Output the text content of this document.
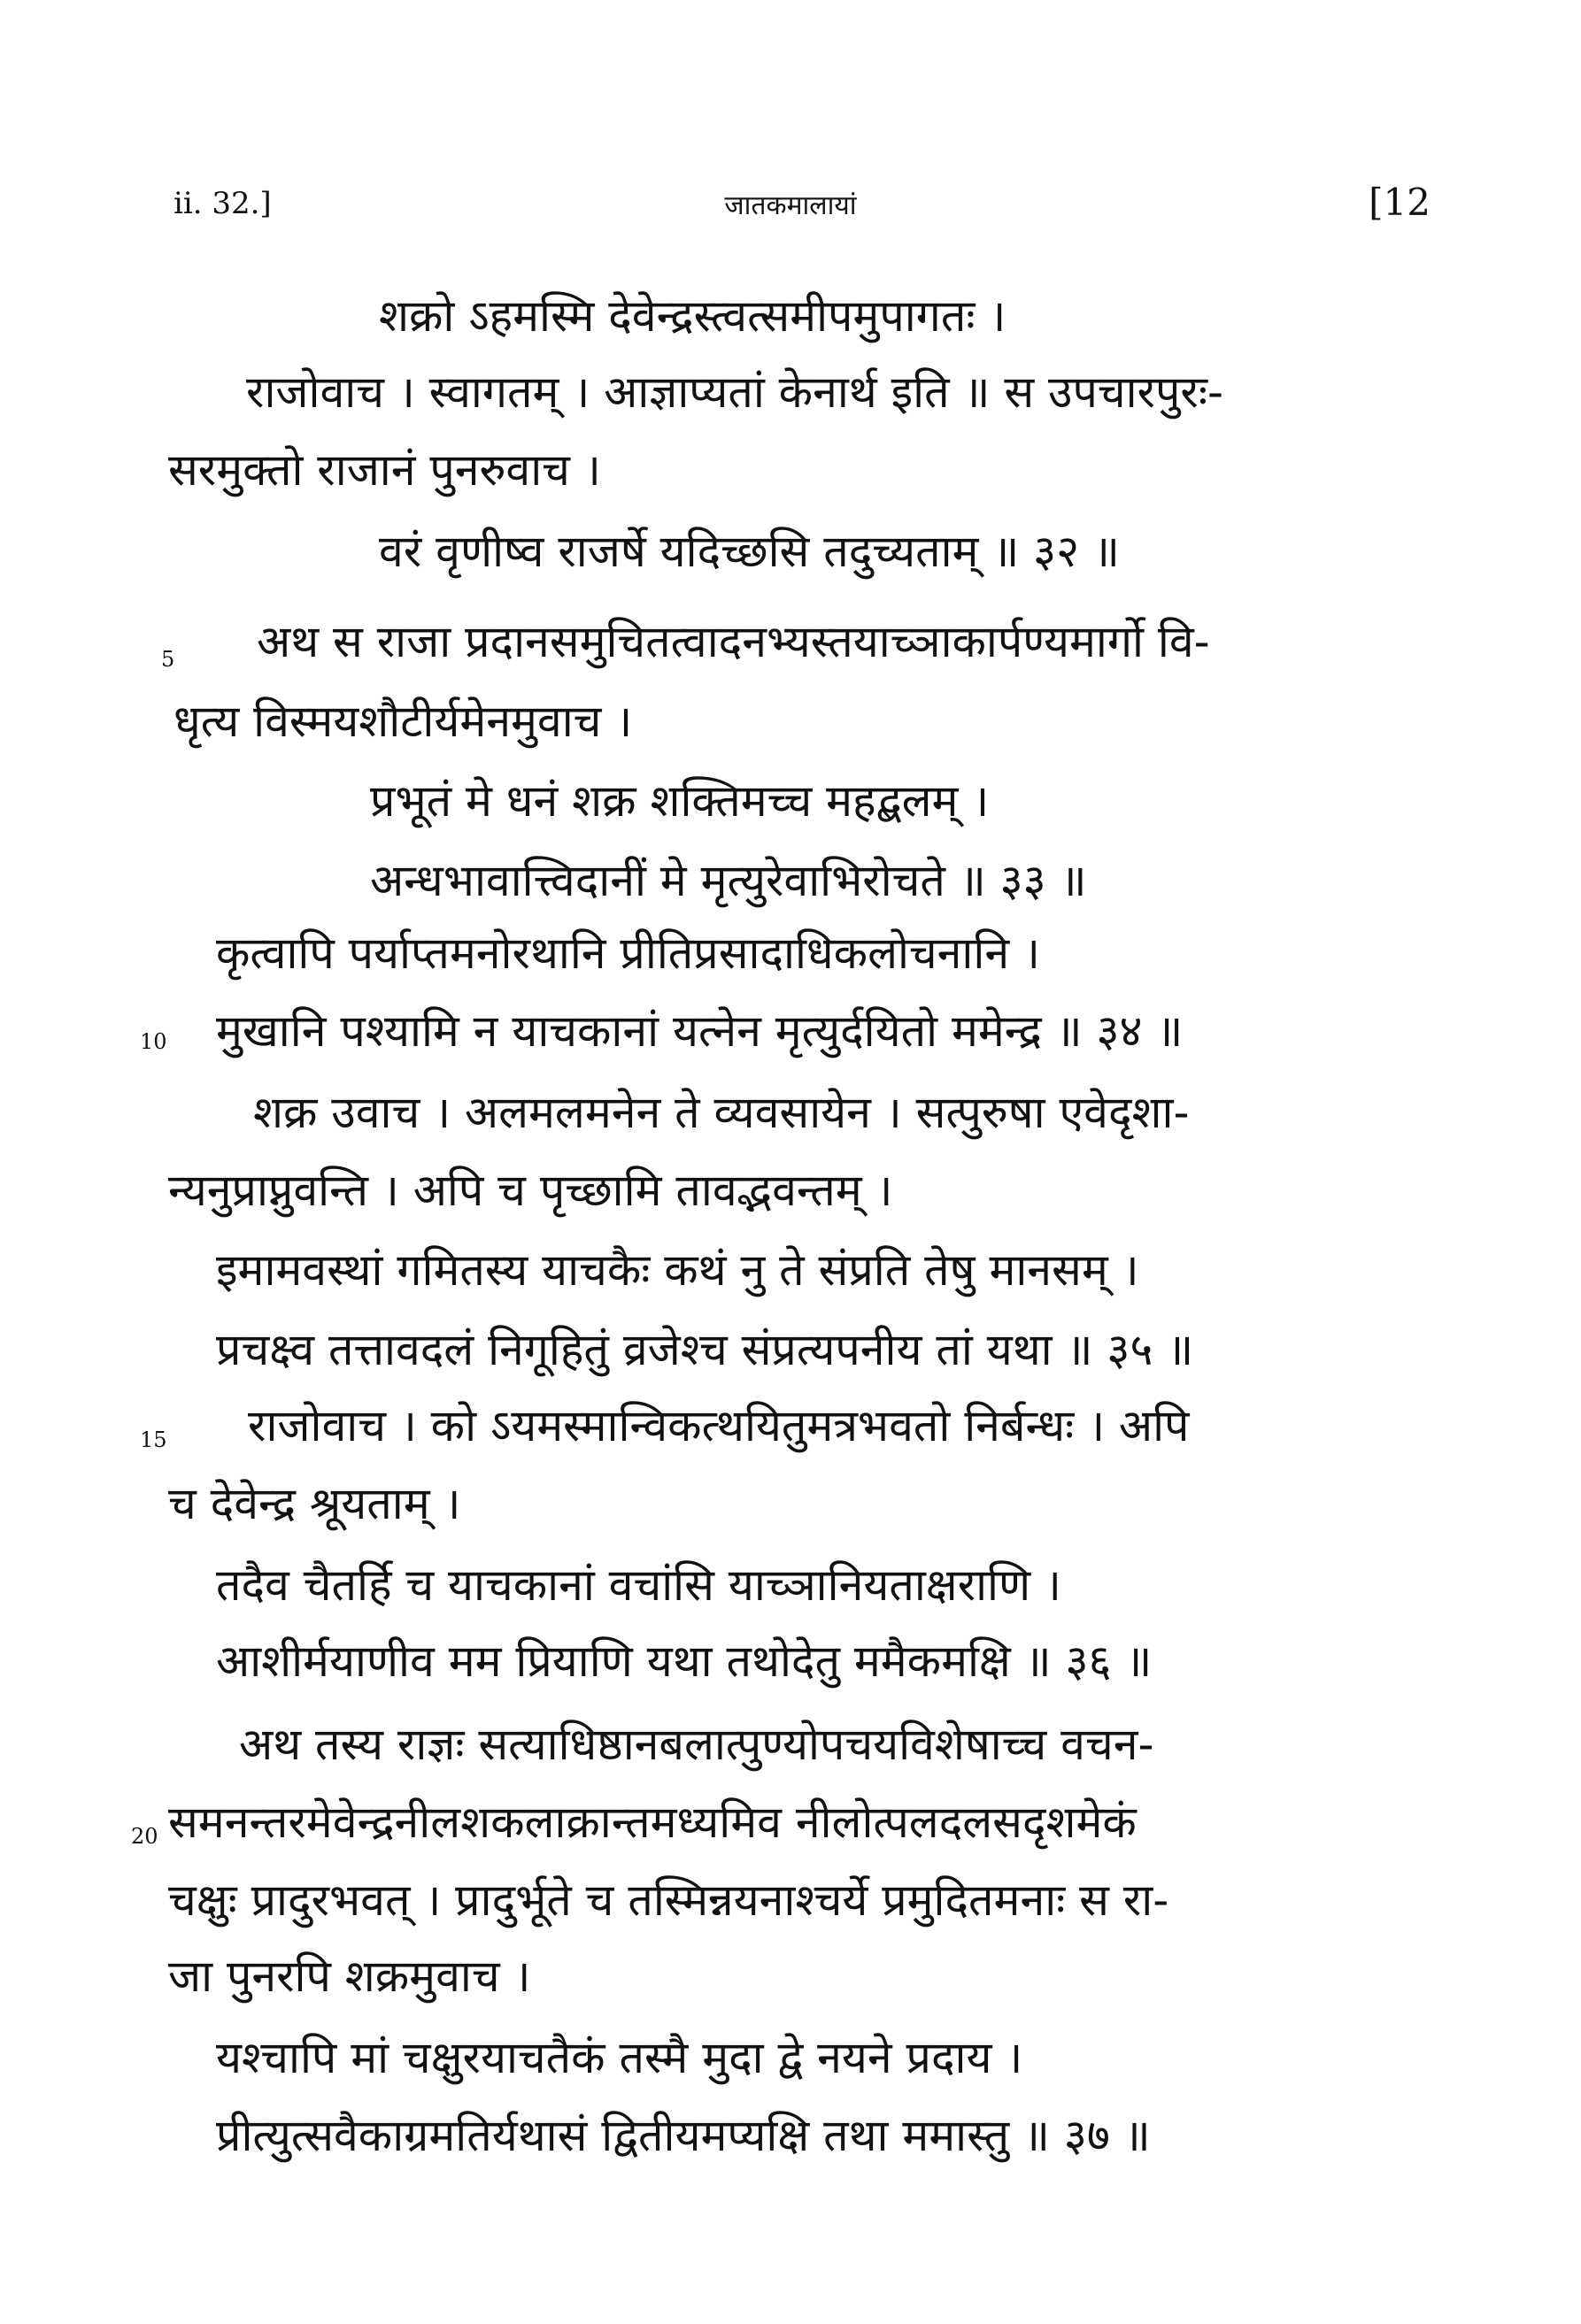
ii. 32.]	जातकमालायां	[12
5
10
15
20
शक्रो ऽहमस्मि देवेन्द्रस्त्वत्समीपमुपागतः ।
राजोवाच । स्वागतम् । आज्ञाप्यतां केनार्थ इति ॥ स उपचारपुरः-
सरमुक्तो राजानं पुनरुवाच ।
वरं वृणीष्व राजर्षे यदिच्छसि तदुच्यताम् ॥ ३२ ॥
अथ स राजा प्रदानसमुचितत्वादनभ्यस्तयाच्ञाकार्पण्यमार्गो वि-
धृत्य विस्मयशौटीर्यमेनमुवाच ।
प्रभूतं मे धनं शक्र शक्तिमच्च महद्बलम् ।
अन्धभावात्त्विदानीं मे मृत्युरेवाभिरोचते ॥ ३३ ॥
कृत्वापि पर्याप्तमनोरथानि प्रीतिप्रसादाधिकलोचनानि ।
मुखानि पश्यामि न याचकानां यत्नेन मृत्युर्दयितो ममेन्द्र ॥ ३४ ॥
शक्र उवाच । अलमलमनेन ते व्यवसायेन । सत्पुरुषा एवेदृशा-
न्यनुप्राप्नुवन्ति । अपि च पृच्छामि तावद्भवन्तम् ।
इमामवस्थां गमितस्य याचकैः कथं नु ते संप्रति तेषु मानसम् ।
प्रचक्ष्व तत्तावदलं निगूहितुं व्रजेश्च संप्रत्यपनीय तां यथा ॥ ३५ ॥
राजोवाच । को ऽयमस्मान्विकत्थयितुमत्रभवतो निर्बन्धः । अपि
च देवेन्द्र श्रूयताम् ।
तदैव चैतर्हि च याचकानां वचांसि याच्ञानियताक्षराणि ।
आशीर्मयाणीव मम प्रियाणि यथा तथोदेतु ममैकमक्षि ॥ ३६ ॥
अथ तस्य राज्ञः सत्याधिष्ठानबलात्पुण्योपचयविशेषाच्च वचन-
समनन्तरमेवेन्द्रनीलशकलाक्रान्तमध्यमिव नीलोत्पलदलसदृशमेकं
चक्षुः प्रादुरभवत् । प्रादुर्भूते च तस्मिन्नयनाश्चर्ये प्रमुदितमनाः स रा-
जा पुनरपि शक्रमुवाच ।
यश्चापि मां चक्षुरयाचतैकं तस्मै मुदा द्वे नयने प्रदाय ।
प्रीत्युत्सवैकाग्रमतिर्यथासं द्वितीयमप्यक्षि तथा ममास्तु ॥ ३७ ॥
